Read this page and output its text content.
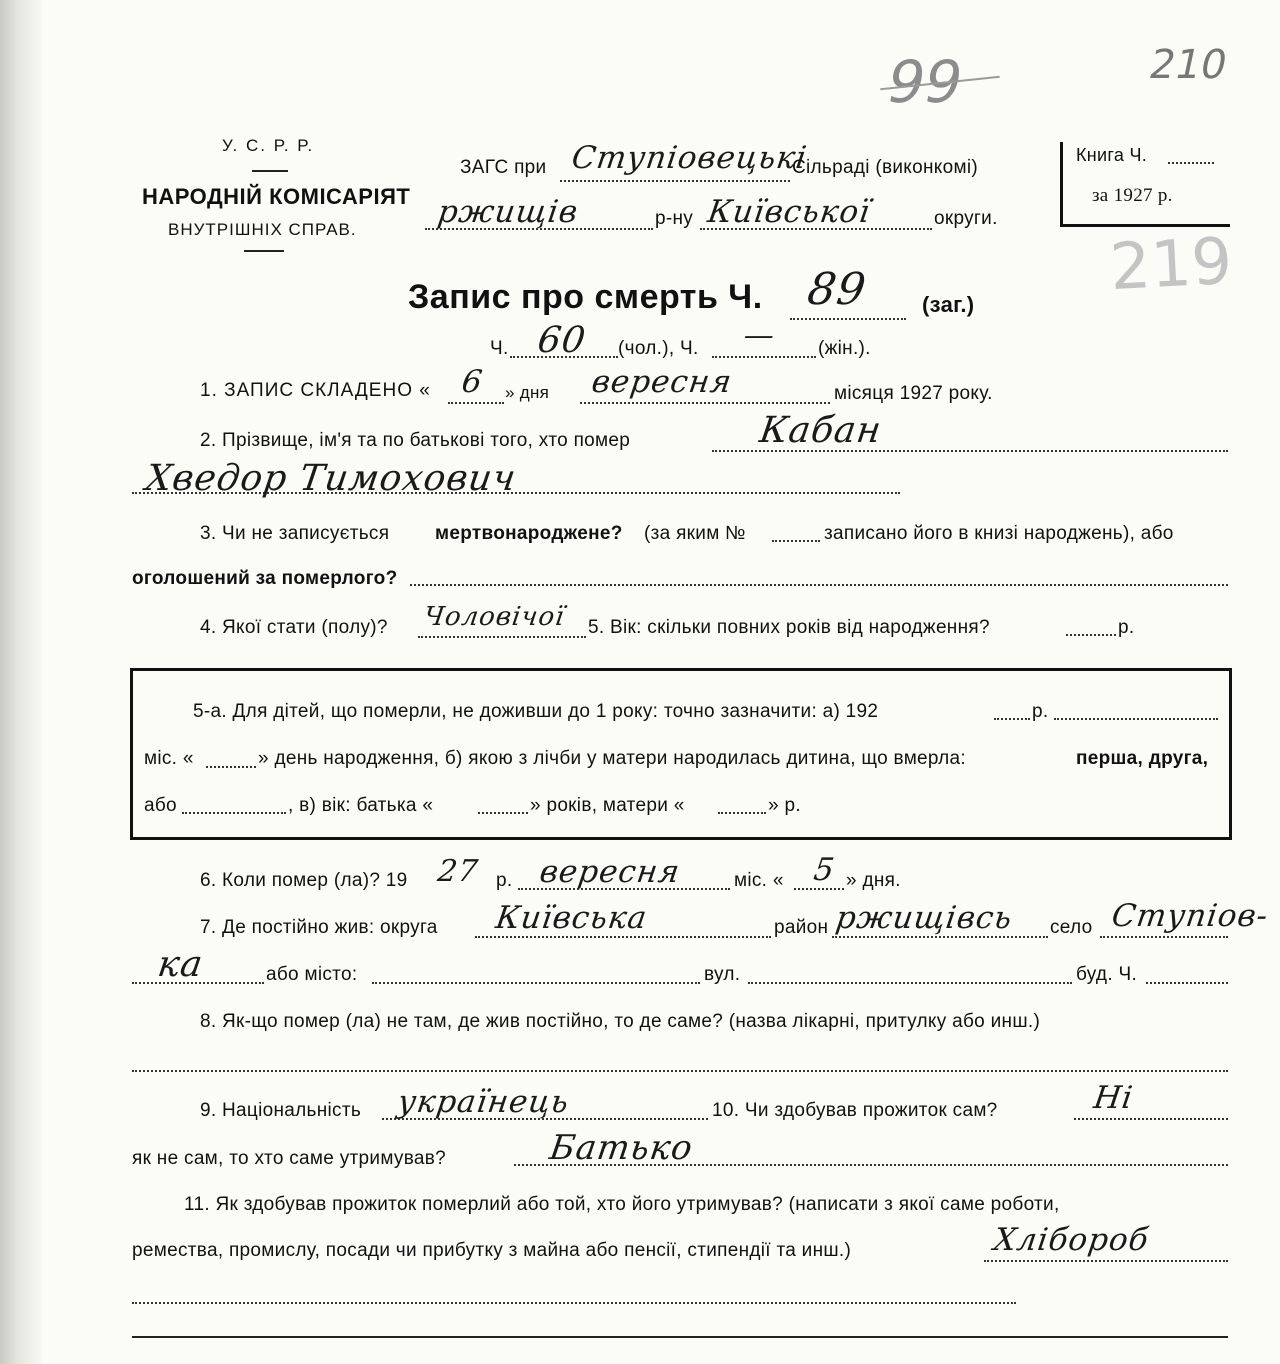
99	210
219
У. С. Р. Р.
НАРОДНІЙ КОМІСАРІЯТ
ВНУТРІШНІХ СПРАВ.
ЗАГС при Ступіовецькі
Сільраді (виконкомі)
ржищів	р-ну Київської	округи.
Книга Ч.
за 1927 р.
Запис про смерть Ч. 89 (заг.)
Ч. 60 (чол.), Ч. — (жін.).
1. ЗАПИС СКЛАДЕНО « 6 » дня вересня	місяця 1927 року.
2. Прізвище, ім'я та по батькові того, хто помер	Кабан
Хведор Тимохович
3. Чи не записується мертвонароджене? (за яким №	записано його в книзі народжень), або
оголошений за померлого?
4. Якої стати (полу)? Чоловічої 5. Вік: скільки повних років від народження?	р.
5-а. Для дітей, що померли, не доживши до 1 року: точно зазначити: а) 192	р.
міс. «	» день народження, б) якою з лічби у матери народилась дитина, що вмерла:	перша, друга,
або	, в) вік: батька «	» років, матери «	» р.
6. Коли помер (ла)? 19 27 р. вересня	міс. « 5 » дня.
7. Де постійно жив: округа Київська	район ржищівсь село Ступіов-
ка	або місто:	вул.	буд. Ч.
8. Як-що помер (ла) не там, де жив постійно, то де саме? (назва лікарні, притулку або инш.)
9. Національність українець	10. Чи здобував прожиток сам?	Ні
як не сам, то хто саме утримував?	Батько
11. Як здобував прожиток померлий або той, хто його утримував? (написати з якої саме роботи,
ремества, промислу, посади чи прибутку з майна або пенсії, стипендії та инш.)	Хлібороб
